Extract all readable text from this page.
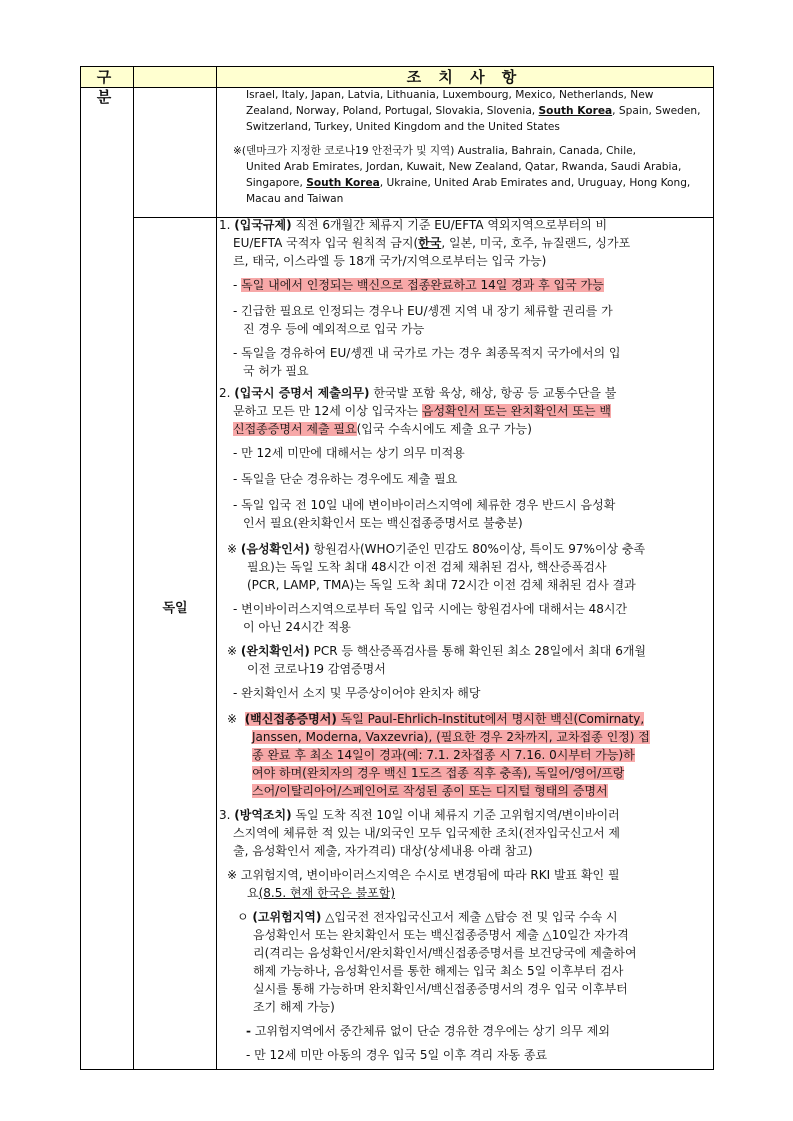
구 분
조 치 사 항
독일
Israel, Italy, Japan, Latvia, Lithuania, Luxembourg, Mexico, Netherlands, New
Zealand, Norway, Poland, Portugal, Slovakia, Slovenia, South Korea, Spain, Sweden,
Switzerland, Turkey, United Kingdom and the United States
※(덴마크가 지정한 코로나19 안전국가 및 지역) Australia, Bahrain, Canada, Chile,
United Arab Emirates, Jordan, Kuwait, New Zealand, Qatar, Rwanda, Saudi Arabia,
Singapore, South Korea, Ukraine, United Arab Emirates and, Uruguay, Hong Kong,
Macau and Taiwan
1. (입국규제) 직전 6개월간 체류지 기준 EU/EFTA 역외지역으로부터의 비
EU/EFTA 국적자 입국 원칙적 금지(한국, 일본, 미국, 호주, 뉴질랜드, 싱가포
르, 태국, 이스라엘 등 18개 국가/지역으로부터는 입국 가능)
- 독일 내에서 인정되는 백신으로 접종완료하고 14일 경과 후 입국 가능
- 긴급한 필요로 인정되는 경우나 EU/솅겐 지역 내 장기 체류할 권리를 가
진 경우 등에 예외적으로 입국 가능
- 독일을 경유하여 EU/솅겐 내 국가로 가는 경우 최종목적지 국가에서의 입
국 허가 필요
2. (입국시 증명서 제출의무) 한국발 포함 육상, 해상, 항공 등 교통수단을 불
문하고 모든 만 12세 이상 입국자는 음성확인서 또는 완치확인서 또는 백
신접종증명서 제출 필요(입국 수속시에도 제출 요구 가능)
- 만 12세 미만에 대해서는 상기 의무 미적용
- 독일을 단순 경유하는 경우에도 제출 필요
- 독일 입국 전 10일 내에 변이바이러스지역에 체류한 경우 반드시 음성확
인서 필요(완치확인서 또는 백신접종증명서로 불충분)
※ (음성확인서) 항원검사(WHO기준인 민감도 80%이상, 특이도 97%이상 충족
필요)는 독일 도착 최대 48시간 이전 검체 채취된 검사, 핵산증폭검사
(PCR, LAMP, TMA)는 독일 도착 최대 72시간 이전 검체 채취된 검사 결과
- 변이바이러스지역으로부터 독일 입국 시에는 항원검사에 대해서는 48시간
이 아닌 24시간 적용
※ (완치확인서) PCR 등 핵산증폭검사를 통해 확인된 최소 28일에서 최대 6개월
이전 코로나19 감염증명서
- 완치확인서 소지 및 무증상이어야 완치자 해당
※  (백신접종증명서) 독일 Paul-Ehrlich-Institut에서 명시한 백신(Comirnaty,
Janssen, Moderna, Vaxzevria), (필요한 경우 2차까지, 교차접종 인정) 접
종 완료 후 최소 14일이 경과(예: 7.1. 2차접종 시 7.16. 0시부터 가능)하
여야 하며(완치자의 경우 백신 1도즈 접종 직후 충족), 독일어/영어/프랑
스어/이탈리아어/스페인어로 작성된 종이 또는 디지털 형태의 증명서
3. (방역조치) 독일 도착 직전 10일 이내 체류지 기준 고위험지역/변이바이러
스지역에 체류한 적 있는 내/외국인 모두 입국제한 조치(전자입국신고서 제
출, 음성확인서 제출, 자가격리) 대상(상세내용 아래 참고)
※ 고위험지역, 변이바이러스지역은 수시로 변경됨에 따라 RKI 발표 확인 필
요(8.5. 현재 한국은 불포함)
ㅇ (고위험지역) △입국전 전자입국신고서 제출 △탑승 전 및 입국 수속 시
음성확인서 또는 완치확인서 또는 백신접종증명서 제출 △10일간 자가격
리(격리는 음성확인서/완치확인서/백신접종증명서를 보건당국에 제출하여
해제 가능하나, 음성확인서를 통한 해제는 입국 최소 5일 이후부터 검사
실시를 통해 가능하며 완치확인서/백신접종증명서의 경우 입국 이후부터
조기 해제 가능)
- 고위험지역에서 중간체류 없이 단순 경유한 경우에는 상기 의무 제외
- 만 12세 미만 아동의 경우 입국 5일 이후 격리 자동 종료
